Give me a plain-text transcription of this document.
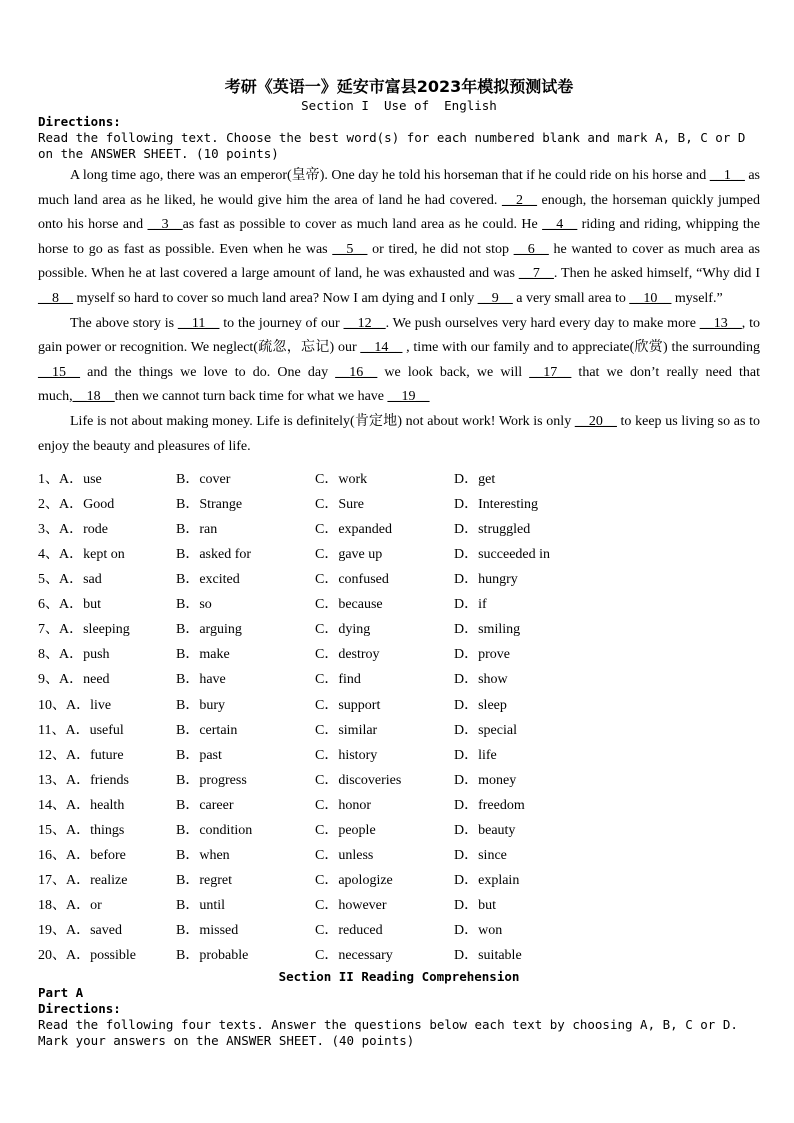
考研《英语一》延安市富县2023年模拟预测试卷
Section I  Use of  English
Directions:
Read the following text. Choose the best word(s) for each numbered blank and mark A, B, C or D on the ANSWER SHEET. (10 points)

A long time ago, there was an emperor(皇帝). One day he told his horseman that if he could ride on his horse and __1__ as much land area as he liked, he would give him the area of land he had covered. __2__ enough, the horseman quickly jumped onto his horse and __3__as fast as possible to cover as much land area as he could. He __4__ riding and riding, whipping the horse to go as fast as possible. Even when he was __5__ or tired, he did not stop __6__ he wanted to cover as much area as possible. When he at last covered a large amount of land, he was exhausted and was __7__. Then he asked himself, “Why did I __8__ myself so hard to cover so much land area? Now I am dying and I only __9__ a very small area to __10__ myself.”

The above story is __11__ to the journey of our __12__. We push ourselves very hard every day to make more __13__, to gain power or recognition. We neglect(疏忽，忘记) our __14__ , time with our family and to appreciate(欣赏) the surrounding __15__ and the things we love to do. One day __16__ we look back, we will __17__ that we don’t really need that much,__18__then we cannot turn back time for what we have __19__

Life is not about making money. Life is definitely(肯定地) not about work! Work is only __20__ to keep us living so as to enjoy the beauty and pleasures of life.

1、A．use	B．cover	C．work	D．get
2、A．Good	B．Strange	C．Sure	D．Interesting
3、A．rode	B．ran	C．expanded	D．struggled
4、A．kept on	B．asked for	C．gave up	D．succeeded in
5、A．sad	B．excited	C．confused	D．hungry
6、A．but	B．so	C．because	D．if
7、A．sleeping	B．arguing	C．dying	D．smiling
8、A．push	B．make	C．destroy	D．prove
9、A．need	B．have	C．find	D．show
10、A．live	B．bury	C．support	D．sleep
11、A．useful	B．certain	C．similar	D．special
12、A．future	B．past	C．history	D．life
13、A．friends	B．progress	C．discoveries	D．money
14、A．health	B．career	C．honor	D．freedom
15、A．things	B．condition	C．people	D．beauty
16、A．before	B．when	C．unless	D．since
17、A．realize	B．regret	C．apologize	D．explain
18、A．or	B．until	C．however	D．but
19、A．saved	B．missed	C．reduced	D．won
20、A．possible	B．probable	C．necessary	D．suitable
Section II Reading Comprehension
Part A
Directions:
Read the following four texts. Answer the questions below each text by choosing A, B, C or D. Mark your answers on the ANSWER SHEET. (40 points)
